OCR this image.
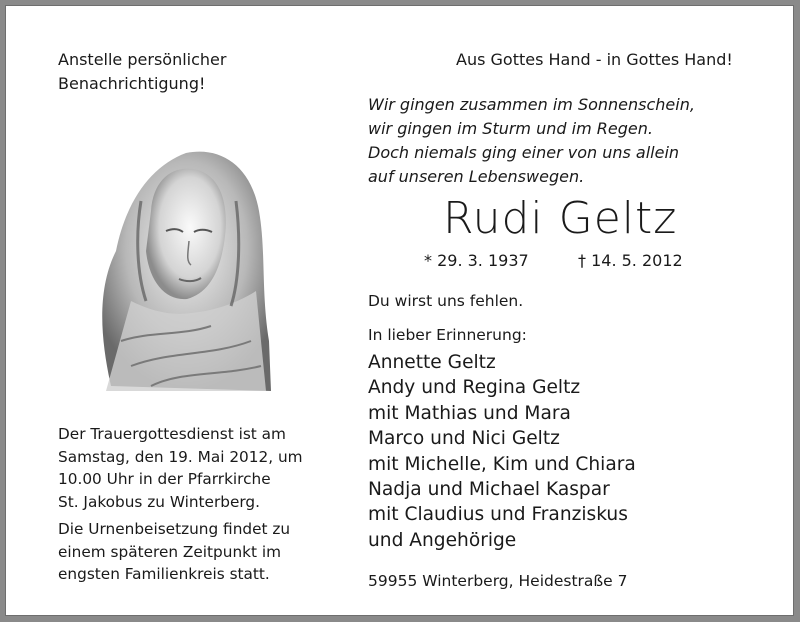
Anstelle persönlicher
Benachrichtigung!
Aus Gottes Hand - in Gottes Hand!
Wir gingen zusammen im Sonnenschein,
wir gingen im Sturm und im Regen.
Doch niemals ging einer von uns allein
auf unseren Lebenswegen.
Rudi Geltz
* 29. 3. 1937	† 14. 5. 2012
Du wirst uns fehlen.
In lieber Erinnerung:
Annette Geltz
Andy und Regina Geltz
mit Mathias und Mara
Marco und Nici Geltz
mit Michelle, Kim und Chiara
Nadja und Michael Kaspar
mit Claudius und Franziskus
und Angehörige
Der Trauergottesdienst ist am
Samstag, den 19. Mai 2012, um
10.00 Uhr in der Pfarrkirche
St. Jakobus zu Winterberg.
Die Urnenbeisetzung findet zu
einem späteren Zeitpunkt im
engsten Familienkreis statt.	59955 Winterberg, Heidestraße 7
